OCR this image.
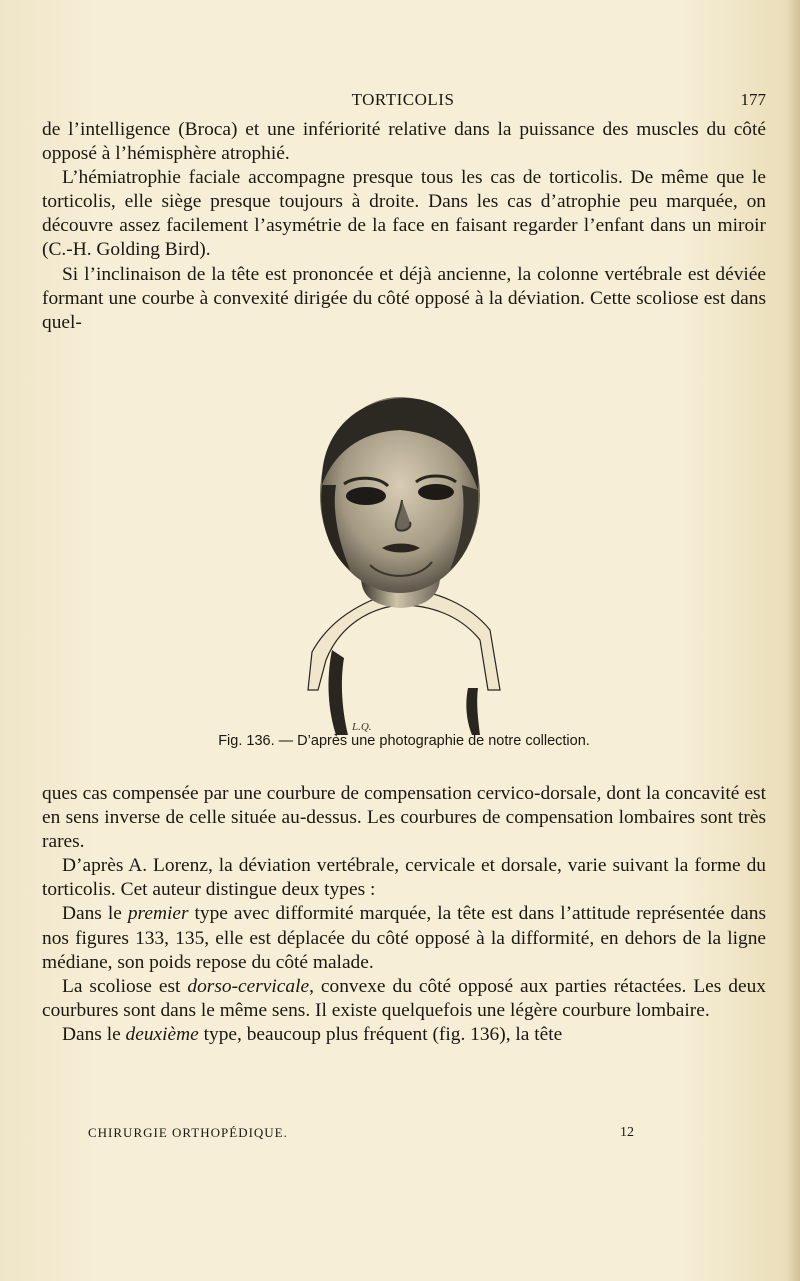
TORTICOLIS	177

de l’intelligence (Broca) et une infériorité relative dans la puissance des muscles du côté opposé à l’hémisphère atrophié.

L’hémiatrophie faciale accompagne presque tous les cas de torticolis. De même que le torticolis, elle siège presque toujours à droite. Dans les cas d’atrophie peu marquée, on découvre assez facilement l’asymétrie de la face en faisant regarder l’enfant dans un miroir (C.-H. Golding Bird).

Si l’inclinaison de la tête est prononcée et déjà ancienne, la colonne vertébrale est déviée formant une courbe à convexité dirigée du côté opposé à la déviation. Cette scoliose est dans quel-

L.Q.
Fig. 136. — D’après une photographie de notre collection.

ques cas compensée par une courbure de compensation cervico-dorsale, dont la concavité est en sens inverse de celle située au-dessus. Les courbures de compensation lombaires sont très rares.

D’après A. Lorenz, la déviation vertébrale, cervicale et dorsale, varie suivant la forme du torticolis. Cet auteur distingue deux types :

Dans le premier type avec difformité marquée, la tête est dans l’attitude représentée dans nos figures 133, 135, elle est déplacée du côté opposé à la difformité, en dehors de la ligne médiane, son poids repose du côté malade.

La scoliose est dorso-cervicale, convexe du côté opposé aux parties rétactées. Les deux courbures sont dans le même sens. Il existe quelquefois une légère courbure lombaire.

Dans le deuxième type, beaucoup plus fréquent (fig. 136), la tête

CHIRURGIE ORTHOPÉDIQUE.	12
